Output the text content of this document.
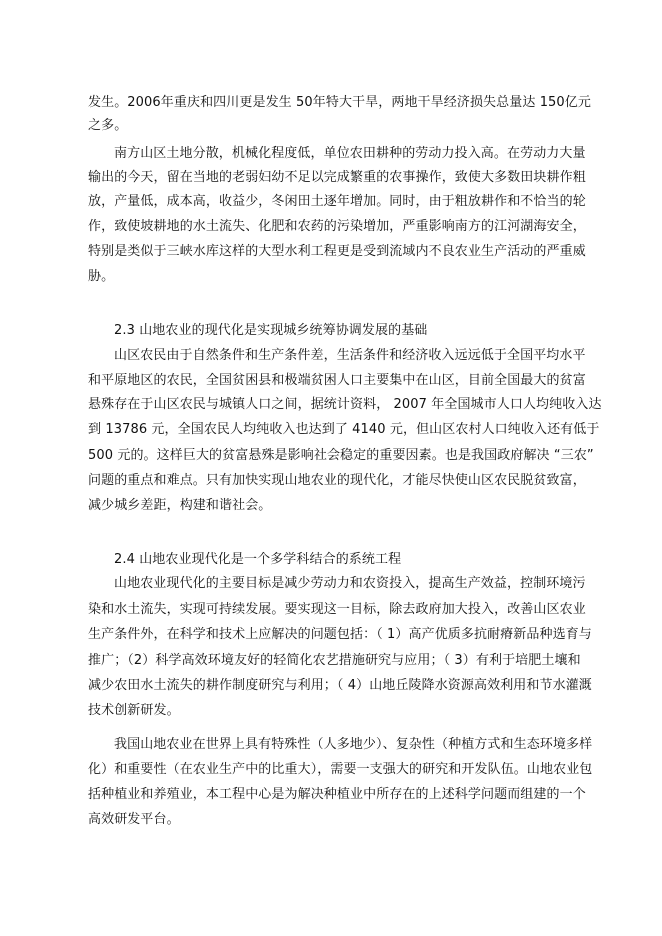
发生。2006年重庆和四川更是发生 50年特大干旱，两地干旱经济损失总量达 150亿元
之多。
南方山区土地分散，机械化程度低，单位农田耕种的劳动力投入高。在劳动力大量
输出的今天，留在当地的老弱妇幼不足以完成繁重的农事操作，致使大多数田块耕作粗
放，产量低，成本高，收益少，冬闲田土逐年增加。同时，由于粗放耕作和不恰当的轮
作，致使坡耕地的水土流失、化肥和农药的污染增加，严重影响南方的江河湖海安全，
特别是类似于三峡水库这样的大型水利工程更是受到流域内不良农业生产活动的严重威
胁。
2.3 山地农业的现代化是实现城乡统筹协调发展的基础
山区农民由于自然条件和生产条件差，生活条件和经济收入远远低于全国平均水平
和平原地区的农民，全国贫困县和极端贫困人口主要集中在山区，目前全国最大的贫富
悬殊存在于山区农民与城镇人口之间，据统计资料， 2007 年全国城市人口人均纯收入达
到 13786 元，全国农民人均纯收入也达到了 4140 元，但山区农村人口纯收入还有低于
500 元的。这样巨大的贫富悬殊是影响社会稳定的重要因素。也是我国政府解决 “三农”
问题的重点和难点。只有加快实现山地农业的现代化，才能尽快使山区农民脱贫致富，
减少城乡差距，构建和谐社会。
2.4 山地农业现代化是一个多学科结合的系统工程
山地农业现代化的主要目标是减少劳动力和农资投入，提高生产效益，控制环境污
染和水土流失，实现可持续发展。要实现这一目标，除去政府加大投入，改善山区农业
生产条件外，在科学和技术上应解决的问题包括：（ 1）高产优质多抗耐瘠新品种选育与
推广；（2）科学高效环境友好的轻简化农艺措施研究与应用；（ 3）有利于培肥土壤和
减少农田水土流失的耕作制度研究与利用；（ 4）山地丘陵降水资源高效利用和节水灌溉
技术创新研发。
我国山地农业在世界上具有特殊性（人多地少）、复杂性（种植方式和生态环境多样
化）和重要性（在农业生产中的比重大），需要一支强大的研究和开发队伍。山地农业包
括种植业和养殖业，本工程中心是为解决种植业中所存在的上述科学问题而组建的一个
高效研发平台。
